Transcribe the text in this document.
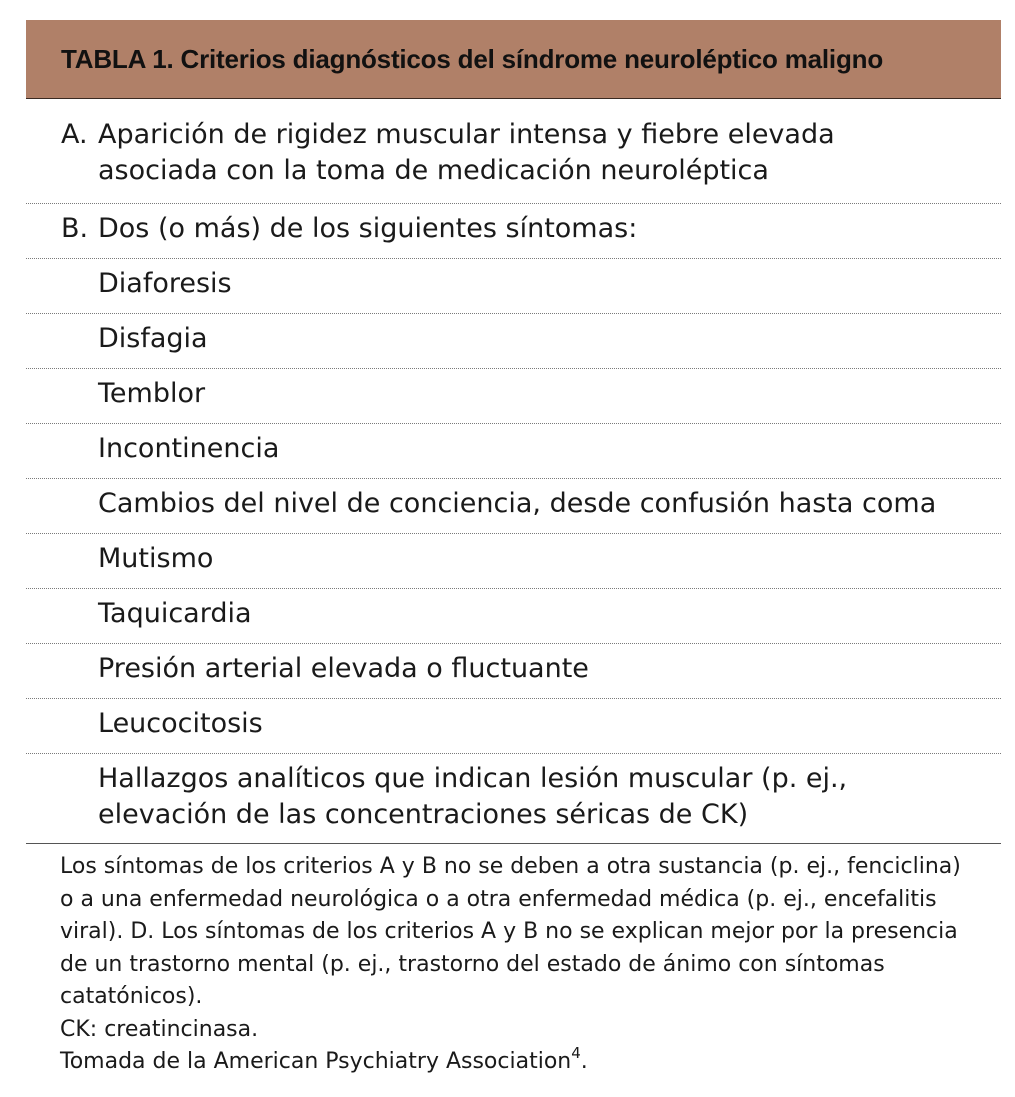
TABLA 1. Criterios diagnósticos del síndrome neuroléptico maligno
A. Aparición de rigidez muscular intensa y fiebre elevada asociada con la toma de medicación neuroléptica
B. Dos (o más) de los siguientes síntomas:
Diaforesis
Disfagia
Temblor
Incontinencia
Cambios del nivel de conciencia, desde confusión hasta coma
Mutismo
Taquicardia
Presión arterial elevada o fluctuante
Leucocitosis
Hallazgos analíticos que indican lesión muscular (p. ej., elevación de las concentraciones séricas de CK)

Los síntomas de los criterios A y B no se deben a otra sustancia (p. ej., fenciclina) o a una enfermedad neurológica o a otra enfermedad médica (p. ej., encefalitis viral). D. Los síntomas de los criterios A y B no se explican mejor por la presencia de un trastorno mental (p. ej., trastorno del estado de ánimo con síntomas catatónicos).

CK: creatincinasa.

Tomada de la American Psychiatry Association$^4$.
